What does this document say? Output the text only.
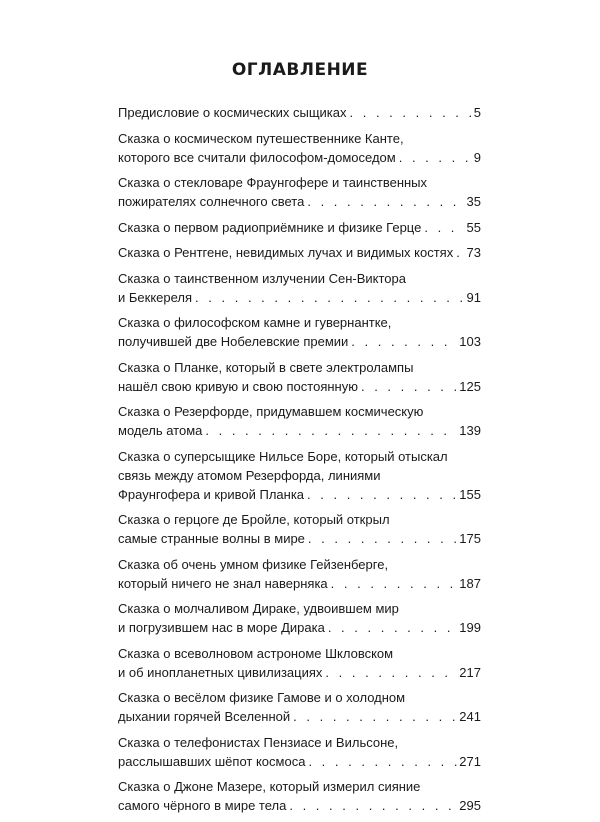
ОГЛАВЛЕНИЕ
Предисловие о космических сыщиках . . .	5
Сказка о космическом путешественнике Канте,
которого все считали философом-домоседом . . .	9
Сказка о стекловаре Фраунгофере и таинственных
пожирателях солнечного света . . .	35
Сказка о первом радиоприёмнике и физике Герце . . .	55
Сказка о Рентгене, невидимых лучах и видимых костях . . . 73
Сказка о таинственном излучении Сен-Виктора
и Беккереля . . .	91
Сказка о философском камне и гувернантке,
получившей две Нобелевские премии . . .	103
Сказка о Планке, который в свете электролампы
нашёл свою кривую и свою постоянную . . .	125
Сказка о Резерфорде, придумавшем космическую
модель атома . . .	139
Сказка о суперсыщике Нильсе Боре, который отыскал
связь между атомом Резерфорда, линиями
Фраунгофера и кривой Планка . . .	155
Сказка о герцоге де Бройле, который открыл
самые странные волны в мире . . .	175
Сказка об очень умном физике Гейзенберге,
который ничего не знал наверняка . . .	187
Сказка о молчаливом Дираке, удвоившем мир
и погрузившем нас в море Дирака . . .	199
Сказка о всеволновом астрономе Шкловском
и об инопланетных цивилизациях . . .	217
Сказка о весёлом физике Гамове и о холодном
дыхании горячей Вселенной . . .	241
Сказка о телефонистах Пензиасе и Вильсоне,
расслышавших шёпот космоса . . .	271
Сказка о Джоне Мазере, который измерил сияние
самого чёрного в мире тела . . .	295
